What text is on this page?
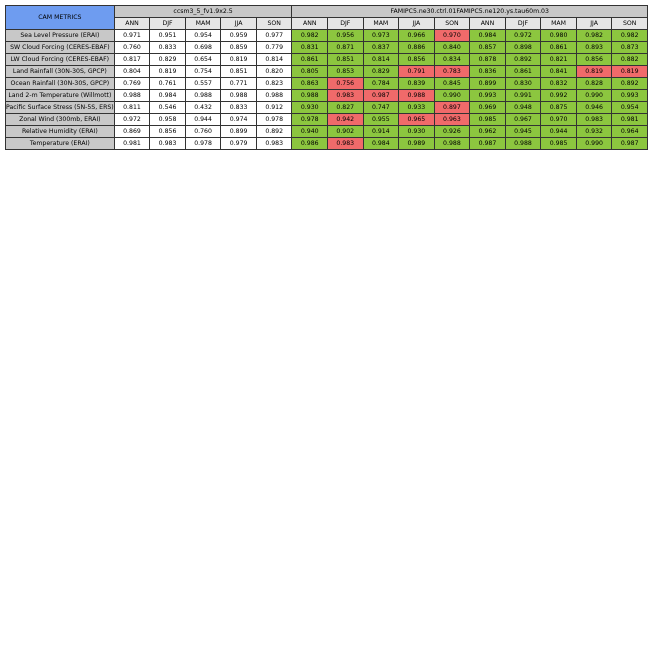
CAM METRICS	ccsm3_5_fv1.9x2.5					FAMIPC5.ne30.ctrl.01FAMIPC5.ne120.ys.tau60m.03									
	ANN	DJF	MAM	JJA	SON	ANN	DJF	MAM	JJA	SON	ANN	DJF	MAM	JJA	SON
Sea Level Pressure (ERAI)	0.971	0.951	0.954	0.959	0.977	0.982	0.956	0.973	0.966	0.970	0.984	0.972	0.980	0.982	0.982
SW Cloud Forcing (CERES-EBAF)	0.760	0.833	0.698	0.859	0.779	0.831	0.871	0.837	0.886	0.840	0.857	0.898	0.861	0.893	0.873
LW Cloud Forcing (CERES-EBAF)	0.817	0.829	0.654	0.819	0.814	0.861	0.851	0.814	0.856	0.834	0.878	0.892	0.821	0.856	0.882
Land Rainfall (30N-30S, GPCP)	0.804	0.819	0.754	0.851	0.820	0.805	0.853	0.829	0.791	0.783	0.836	0.861	0.841	0.819	0.819
Ocean Rainfall (30N-30S, GPCP)	0.769	0.761	0.557	0.771	0.823	0.863	0.756	0.784	0.839	0.845	0.899	0.830	0.832	0.828	0.892
Land 2-m Temperature (Willmott)	0.988	0.984	0.988	0.988	0.988	0.988	0.983	0.987	0.988	0.990	0.993	0.991	0.992	0.990	0.993
Pacific Surface Stress (5N-5S, ERS)	0.811	0.546	0.432	0.833	0.912	0.930	0.827	0.747	0.933	0.897	0.969	0.948	0.875	0.946	0.954
Zonal Wind (300mb, ERAI)	0.972	0.958	0.944	0.974	0.978	0.978	0.942	0.955	0.965	0.963	0.985	0.967	0.970	0.983	0.981
Relative Humidity (ERAI)	0.869	0.856	0.760	0.899	0.892	0.940	0.902	0.914	0.930	0.926	0.962	0.945	0.944	0.932	0.964
Temperature (ERAI)	0.981	0.983	0.978	0.979	0.983	0.986	0.983	0.984	0.989	0.988	0.987	0.988	0.985	0.990	0.987
